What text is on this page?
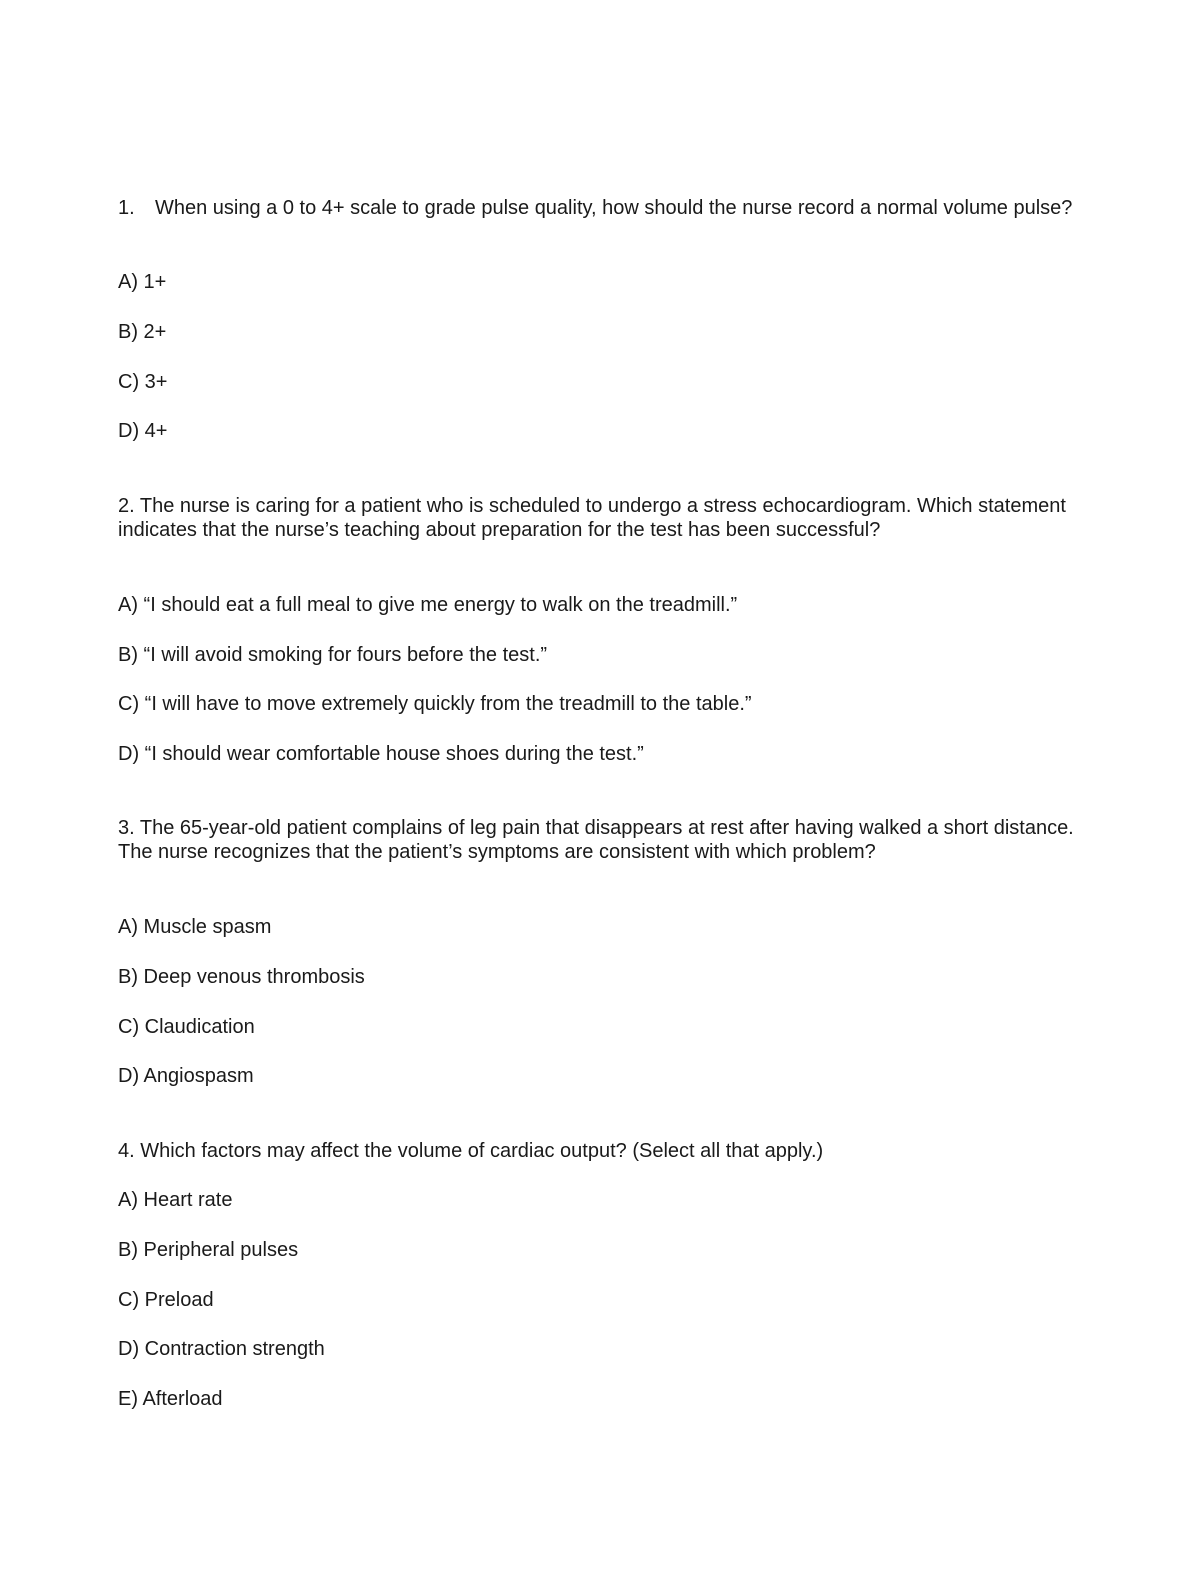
1. When using a 0 to 4+ scale to grade pulse quality, how should the nurse record a normal volume pulse?
A) 1+
B) 2+
C) 3+
D) 4+
2. The nurse is caring for a patient who is scheduled to undergo a stress echocardiogram. Which statement indicates that the nurse’s teaching about preparation for the test has been successful?
A) “I should eat a full meal to give me energy to walk on the treadmill.”
B) “I will avoid smoking for fours before the test.”
C) “I will have to move extremely quickly from the treadmill to the table.”
D) “I should wear comfortable house shoes during the test.”
3. The 65-year-old patient complains of leg pain that disappears at rest after having walked a short distance. The nurse recognizes that the patient’s symptoms are consistent with which problem?
A) Muscle spasm
B) Deep venous thrombosis
C) Claudication
D) Angiospasm
4. Which factors may affect the volume of cardiac output? (Select all that apply.)
A) Heart rate
B) Peripheral pulses
C) Preload
D) Contraction strength
E) Afterload
